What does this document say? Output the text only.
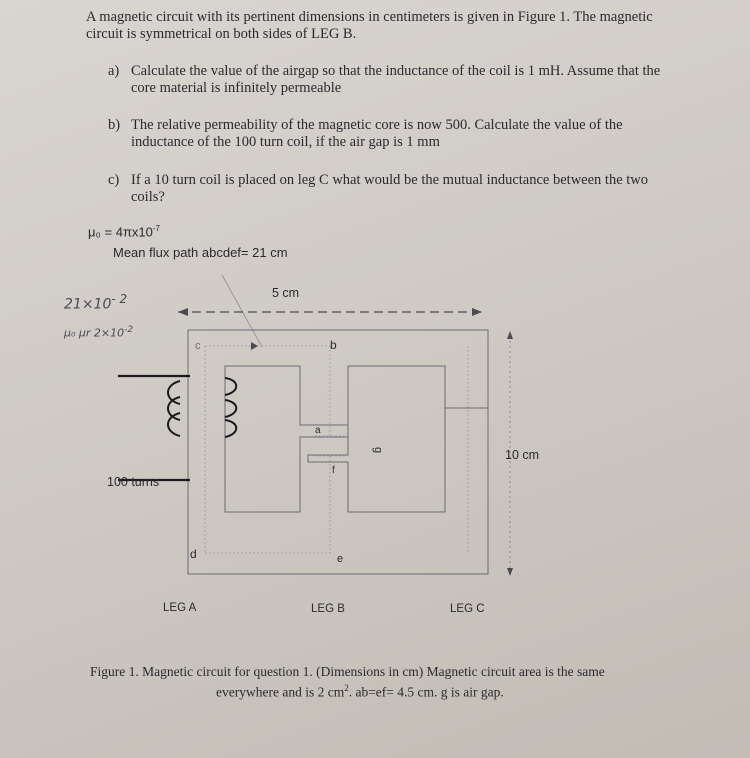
A magnetic circuit with its pertinent dimensions in centimeters is given in Figure 1. The magnetic circuit is symmetrical on both sides of LEG B.
a) Calculate the value of the airgap so that the inductance of the coil is 1 mH. Assume that the core material is infinitely permeable
b) The relative permeability of the magnetic core is now 500. Calculate the value of the inductance of the 100 turn coil, if the air gap is 1 mm
c) If a 10 turn coil is placed on leg C what would be the mutual inductance between the two coils?
$\mu_0 = 4\pi x10^{-7}$
Mean flux path abcdef= 21 cm
$21\times 10^{- 2}$
μ₀ μr $2\times 10^{-2}$
c	b
a
f
g
d	e
5 cm
10 cm
100 turns
LEG A	LEG B	LEG C
Figure 1. Magnetic circuit for question 1. (Dimensions in cm) Magnetic circuit area is the same
everywhere and is 2 $cm^2$. ab=ef= 4.5 cm. g is air gap.
